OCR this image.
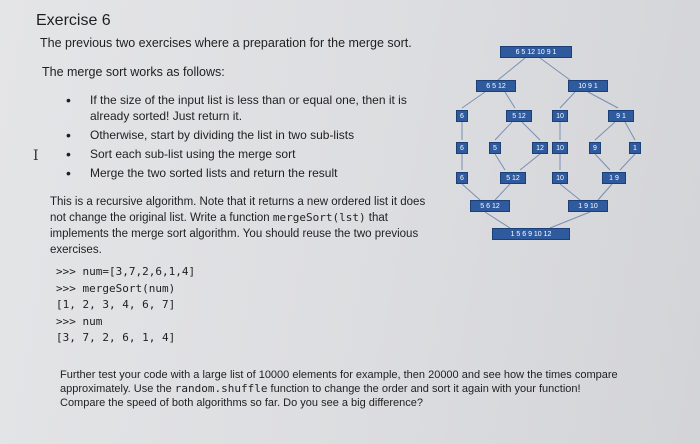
Exercise 6
The previous two exercises where a preparation for the merge sort.
The merge sort works as follows:
• If the size of the input list is less than or equal one, then it is already sorted! Just return it.
• Otherwise, start by dividing the list in two sub-lists
• Sort each sub-list using the merge sort
• Merge the two sorted lists and return the result
I

This is a recursive algorithm. Note that it returns a new ordered list it does not change the original list. Write a function mergeSort(lst) that implements the merge sort algorithm. You should reuse the two previous exercises.

>>> num=[3,7,2,6,1,4]
>>> mergeSort(num)
[1, 2, 3, 4, 6, 7]
>>> num
[3, 7, 2, 6, 1, 4]

Further test your code with a large list of 10000 elements for example, then 20000 and see how the times compare approximately. Use the random.shuffle function to change the order and sort it again with your function! Compare the speed of both algorithms so far. Do you see a big difference?

6 5 12 10 9 1
6 5 12	10 9 1
6	5 12	10	9 1
6	5	12	10	9	1
6	5 12	10	1 9
5 6 12	1 9 10
1 5 6 9 10 12
